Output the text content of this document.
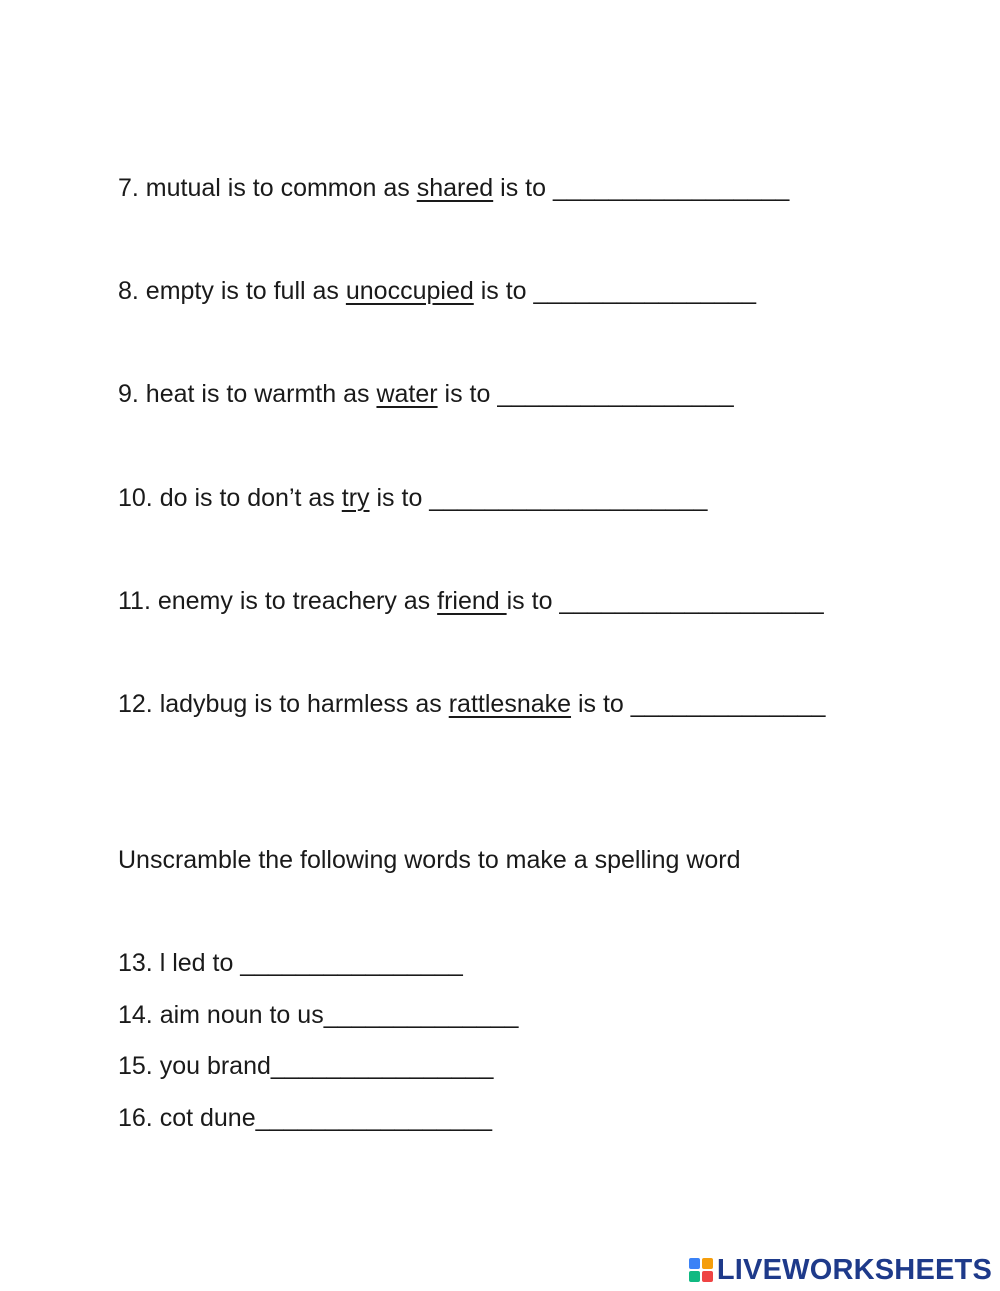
7. mutual is to common as shared is to _________________
8. empty is to full as unoccupied is to ________________
9. heat is to warmth as water is to _________________
10. do is to don’t as try is to ____________________
11. enemy is to treachery as friend is to ___________________
12. ladybug is to harmless as rattlesnake is to ______________
Unscramble the following words to make a spelling word
13. l led to ________________
14. aim noun to us______________
15. you brand________________
16. cot dune_________________
LIVEWORKSHEETS
